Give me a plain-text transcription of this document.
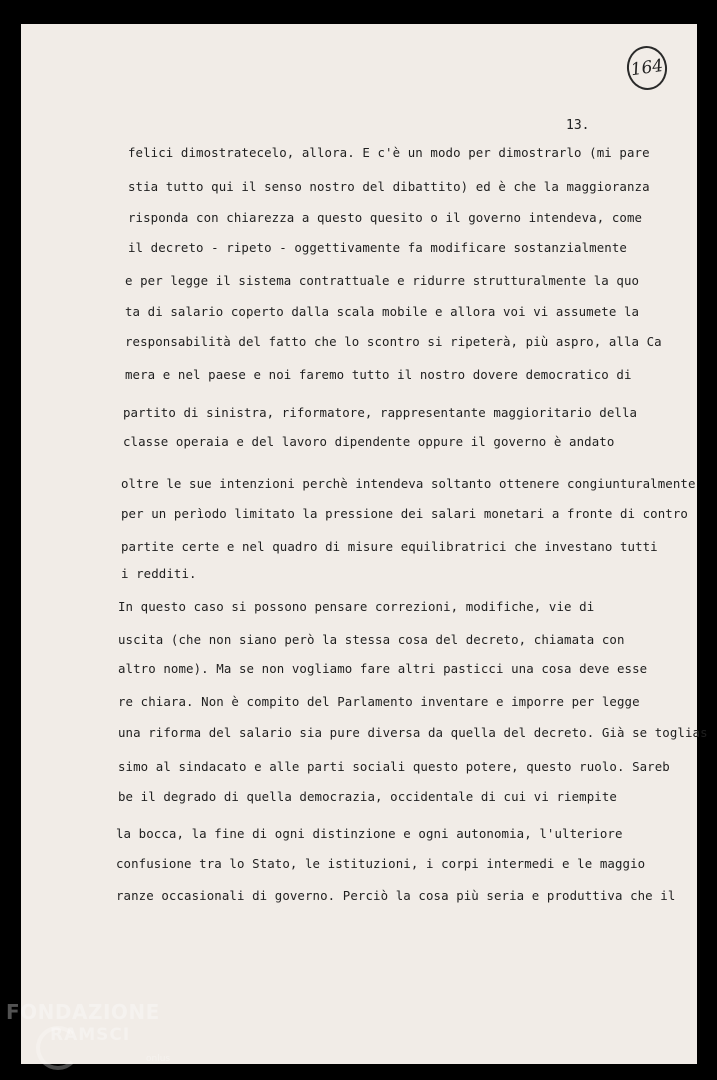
164
13.
felici dimostratecelo, allora. E c'è un modo per dimostrarlo (mi pare
stia tutto qui il senso nostro del dibattito) ed è che la maggioranza
risponda con chiarezza a questo quesito o il governo intendeva, come
il decreto - ripeto - oggettivamente fa modificare sostanzialmente
e per legge il sistema contrattuale e ridurre strutturalmente la quo
ta di salario coperto dalla scala mobile e allora voi vi assumete la
responsabilità del fatto che lo scontro si ripeterà, più aspro, alla Ca
mera e nel paese e noi faremo tutto il nostro dovere democratico di
partito di sinistra, riformatore, rappresentante maggioritario della
classe operaia e del lavoro dipendente oppure il governo è andato
oltre le sue intenzioni perchè intendeva soltanto ottenere congiunturalmente
per un perìodo limitato la pressione dei salari monetari a fronte di contro
partite certe e nel quadro di misure equilibratrici che investano tutti
i redditi.
In questo caso si possono pensare correzioni, modifiche, vie di
uscita (che non siano però la stessa cosa del decreto, chiamata con
altro nome). Ma se non vogliamo fare altri pasticci una cosa deve esse
re chiara. Non è compito del Parlamento inventare e imporre per legge
una riforma del salario sia pure diversa da quella del decreto. Già se toglias
simo al sindacato e alle parti sociali questo potere, questo ruolo. Sareb
be il degrado di quella democrazia, occidentale di cui vi riempite
la bocca, la fine di ogni distinzione e ogni autonomia, l'ulteriore
confusione tra lo Stato, le istituzioni, i corpi intermedi e le maggio
ranze occasionali di governo. Perciò la cosa più seria e produttiva che il
FONDAZIONE
RAMSCI
onlus
